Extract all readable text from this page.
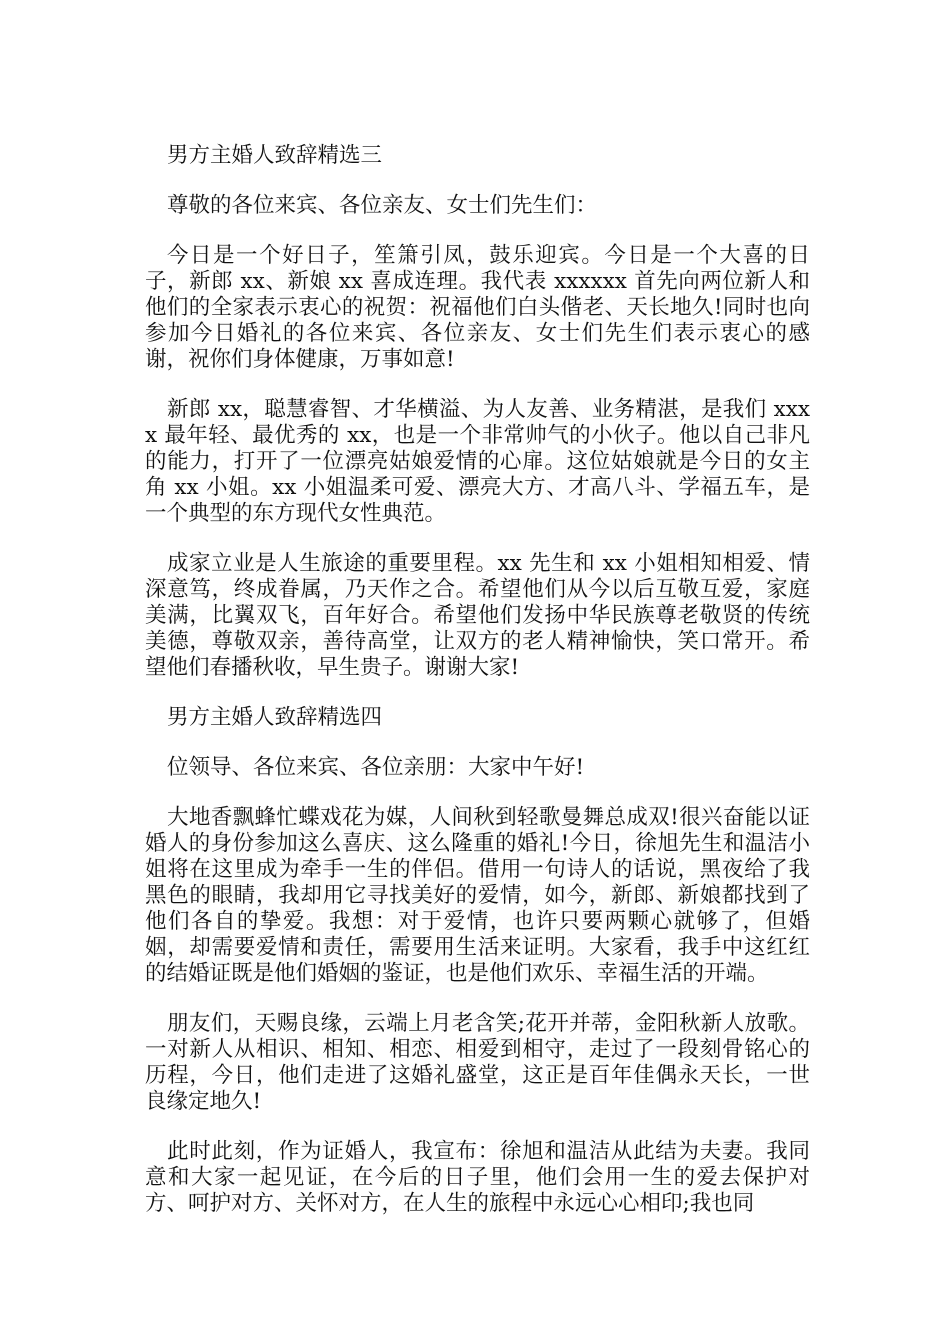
男方主婚人致辞精选三
尊敬的各位来宾、各位亲友、女士们先生们：
今日是一个好日子，笙箫引凤，鼓乐迎宾。今日是一个大喜的日子，新郎 xx、新娘 xx 喜成连理。我代表 xxxxxx 首先向两位新人和他们的全家表示衷心的祝贺：祝福他们白头偕老、天长地久!同时也向参加今日婚礼的各位来宾、各位亲友、女士们先生们表示衷心的感谢，祝你们身体健康，万事如意!
新郎 xx，聪慧睿智、才华横溢、为人友善、业务精湛，是我们 xxxx 最年轻、最优秀的 xx，也是一个非常帅气的小伙子。他以自己非凡的能力，打开了一位漂亮姑娘爱情的心扉。这位姑娘就是今日的女主角 xx 小姐。xx 小姐温柔可爱、漂亮大方、才高八斗、学福五车，是一个典型的东方现代女性典范。
成家立业是人生旅途的重要里程。xx 先生和 xx 小姐相知相爱、情深意笃，终成眷属，乃天作之合。希望他们从今以后互敬互爱，家庭美满，比翼双飞，百年好合。希望他们发扬中华民族尊老敬贤的传统美德，尊敬双亲，善待高堂，让双方的老人精神愉快，笑口常开。希望他们春播秋收，早生贵子。谢谢大家!
男方主婚人致辞精选四
位领导、各位来宾、各位亲朋：大家中午好!
大地香飘蜂忙蝶戏花为媒，人间秋到轻歌曼舞总成双!很兴奋能以证婚人的身份参加这么喜庆、这么隆重的婚礼!今日，徐旭先生和温洁小姐将在这里成为牵手一生的伴侣。借用一句诗人的话说，黑夜给了我黑色的眼睛，我却用它寻找美好的爱情，如今，新郎、新娘都找到了他们各自的挚爱。我想：对于爱情，也许只要两颗心就够了，但婚姻，却需要爱情和责任，需要用生活来证明。大家看，我手中这红红的结婚证既是他们婚姻的鉴证，也是他们欢乐、幸福生活的开端。
朋友们，天赐良缘，云端上月老含笑;花开并蒂，金阳秋新人放歌。一对新人从相识、相知、相恋、相爱到相守，走过了一段刻骨铭心的历程，今日，他们走进了这婚礼盛堂，这正是百年佳偶永天长，一世良缘定地久!
此时此刻，作为证婚人，我宣布：徐旭和温洁从此结为夫妻。我同意和大家一起见证，在今后的日子里，他们会用一生的爱去保护对方、呵护对方、关怀对方，在人生的旅程中永远心心相印;我也同
